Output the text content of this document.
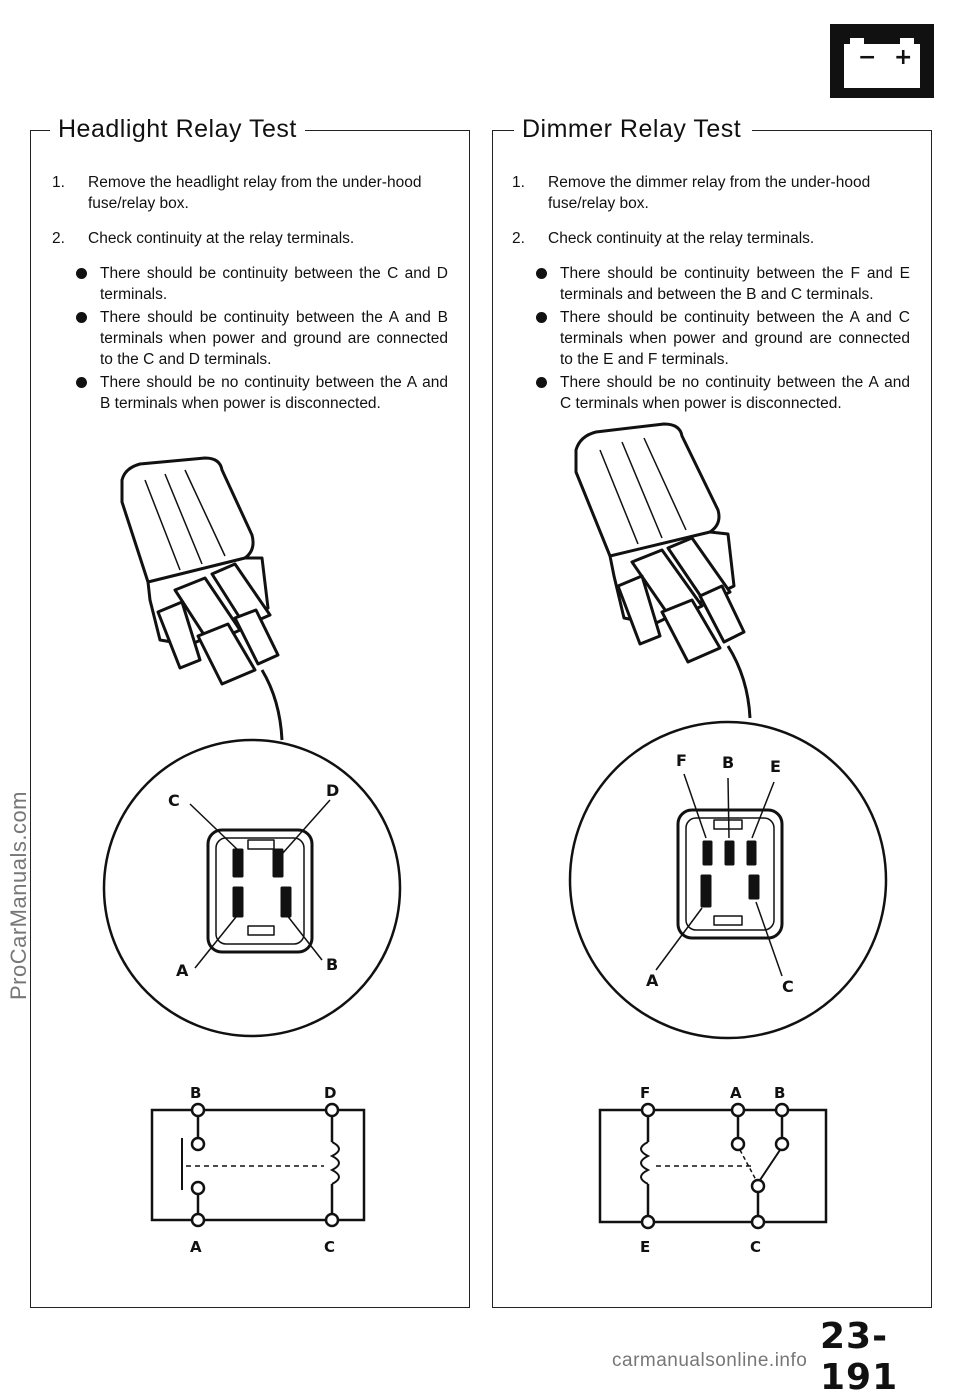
− +
Headlight Relay Test
1. Remove the headlight relay from the under-hood fuse/relay box.
2. Check continuity at the relay terminals.
There should be continuity between the C and D terminals.
There should be continuity between the A and B terminals when power and ground are connected to the C and D terminals.
There should be no continuity between the A and B terminals when power is disconnected.
C
D
A	B
B	D
A	C
Dimmer Relay Test
1. Remove the dimmer relay from the under-hood fuse/relay box.
2. Check continuity at the relay terminals.
There should be continuity between the F and E terminals and between the B and C terminals.
There should be continuity between the A and C terminals when power and ground are connected to the E and F terminals.
There should be no continuity between the A and C terminals when power is disconnected.
F B E
A	C
F	A B
E	C
ProCarManuals.com
23-191
carmanualsonline.info
